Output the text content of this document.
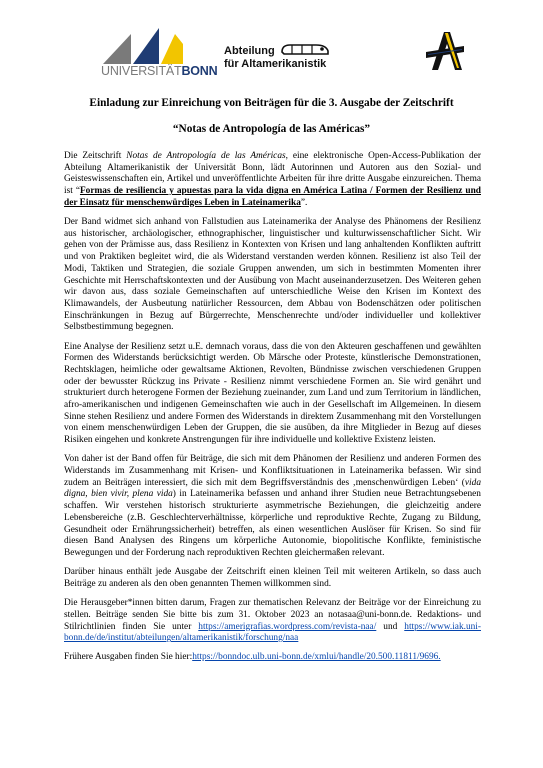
UNIVERSITÄTBONN
Abteilung
für Altamerikanistik
Einladung zur Einreichung von Beiträgen für die 3. Ausgabe der Zeitschrift
“Notas de Antropología de las Américas”

Die Zeitschrift Notas de Antropología de las Américas, eine elektronische Open-Access-Publikation der Abteilung Altamerikanistik der Universität Bonn, lädt Autorinnen und Autoren aus den Sozial- und Geisteswissenschaften ein, Artikel und unveröffentlichte Arbeiten für ihre dritte Ausgabe einzureichen. Thema ist “Formas de resiliencia y apuestas para la vida digna en América Latina / Formen der Resilienz und der Einsatz für menschenwürdiges Leben in Lateinamerika”.

Der Band widmet sich anhand von Fallstudien aus Lateinamerika der Analyse des Phänomens der Resilienz aus historischer, archäologischer, ethnographischer, linguistischer und kulturwissenschaftlicher Sicht. Wir gehen von der Prämisse aus, dass Resilienz in Kontexten von Krisen und lang anhaltenden Konflikten auftritt und von Praktiken begleitet wird, die als Widerstand verstanden werden können. Resilienz ist also Teil der Modi, Taktiken und Strategien, die soziale Gruppen anwenden, um sich in bestimmten Momenten ihrer Geschichte mit Herrschaftskontexten und der Ausübung von Macht auseinanderzusetzen. Des Weiteren gehen wir davon aus, dass soziale Gemeinschaften auf unterschiedliche Weise den Krisen im Kontext des Klimawandels, der Ausbeutung natürlicher Ressourcen, dem Abbau von Bodenschätzen oder politischen Einschränkungen in Bezug auf Bürgerrechte, Menschenrechte und/oder individueller und kollektiver Selbstbestimmung begegnen.

Eine Analyse der Resilienz setzt u.E. demnach voraus, dass die von den Akteuren geschaffenen und gewählten Formen des Widerstands berücksichtigt werden. Ob Märsche oder Proteste, künstlerische Demonstrationen, Rechtsklagen, heimliche oder gewaltsame Aktionen, Revolten, Bündnisse zwischen verschiedenen Gruppen oder der bewusster Rückzug ins Private - Resilienz nimmt verschiedene Formen an. Sie wird genährt und strukturiert durch heterogene Formen der Beziehung zueinander, zum Land und zum Territorium in ländlichen, afro-amerikanischen und indigenen Gemeinschaften wie auch in der Gesellschaft im Allgemeinen. In diesem Sinne stehen Resilienz und andere Formen des Widerstands in direktem Zusammenhang mit den Vorstellungen von einem menschenwürdigen Leben der Gruppen, die sie ausüben, da ihre Mitglieder in Bezug auf dieses Risiken eingehen und konkrete Anstrengungen für ihre individuelle und kollektive Existenz leisten.

Von daher ist der Band offen für Beiträge, die sich mit dem Phänomen der Resilienz und anderen Formen des Widerstands im Zusammenhang mit Krisen- und Konfliktsituationen in Lateinamerika befassen. Wir sind zudem an Beiträgen interessiert, die sich mit dem Begriffsverständnis des ‚menschenwürdigen Leben‘ (vida digna, bien vivir, plena vida) in Lateinamerika befassen und anhand ihrer Studien neue Betrachtungsebenen schaffen. Wir verstehen historisch strukturierte asymmetrische Beziehungen, die gleichzeitig andere Lebensbereiche (z.B. Geschlechterverhältnisse, körperliche und reproduktive Rechte, Zugang zu Bildung, Gesundheit oder Ernährungssicherheit) betreffen, als einen wesentlichen Auslöser für Krisen. So sind für diesen Band Analysen des Ringens um körperliche Autonomie, biopolitische Konflikte, feministische Bewegungen und der Forderung nach reproduktiven Rechten gleichermaßen relevant.

Darüber hinaus enthält jede Ausgabe der Zeitschrift einen kleinen Teil mit weiteren Artikeln, so dass auch Beiträge zu anderen als den oben genannten Themen willkommen sind.

Die Herausgeber*innen bitten darum, Fragen zur thematischen Relevanz der Beiträge vor der Einreichung zu stellen. Beiträge senden Sie bitte bis zum 31. Oktober 2023 an notasaa@uni-bonn.de. Redaktions- und Stilrichtlinien finden Sie unter https://amerigrafias.wordpress.com/revista-naa/ und https://www.iak.uni-bonn.de/de/institut/abteilungen/altamerikanistik/forschung/naa

Frühere Ausgaben finden Sie hier:https://bonndoc.ulb.uni-bonn.de/xmlui/handle/20.500.11811/9696.
